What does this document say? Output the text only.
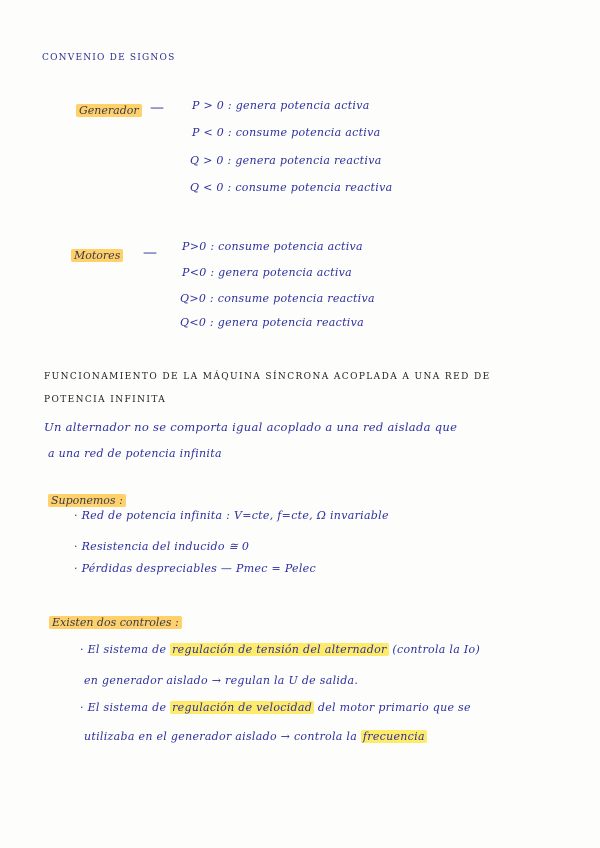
CONVENIO DE SIGNOS
Generador —	P > 0 : genera potencia activa
P < 0 : consume potencia activa
Q > 0 : genera potencia reactiva
Q < 0 : consume potencia reactiva
Motores — P>0 : consume potencia activa
P<0 : genera potencia activa
Q>0 : consume potencia reactiva
Q<0 : genera potencia reactiva
FUNCIONAMIENTO DE LA MÁQUINA SÍNCRONA ACOPLADA A UNA RED DE
POTENCIA INFINITA
Un alternador no se comporta igual acoplado a una red aislada que
a una red de potencia infinita
Suponemos :
· Red de potencia infinita : V=cte, f=cte, Ω invariable
· Resistencia del inducido ≅ 0
· Pérdidas despreciables — Pmec = Pelec
Existen dos controles :
· El sistema de regulación de tensión del alternador (controla la Io)
en generador aislado → regulan la U de salida.
· El sistema de regulación de velocidad del motor primario que se
utilizaba en el generador aislado → controla la frecuencia
